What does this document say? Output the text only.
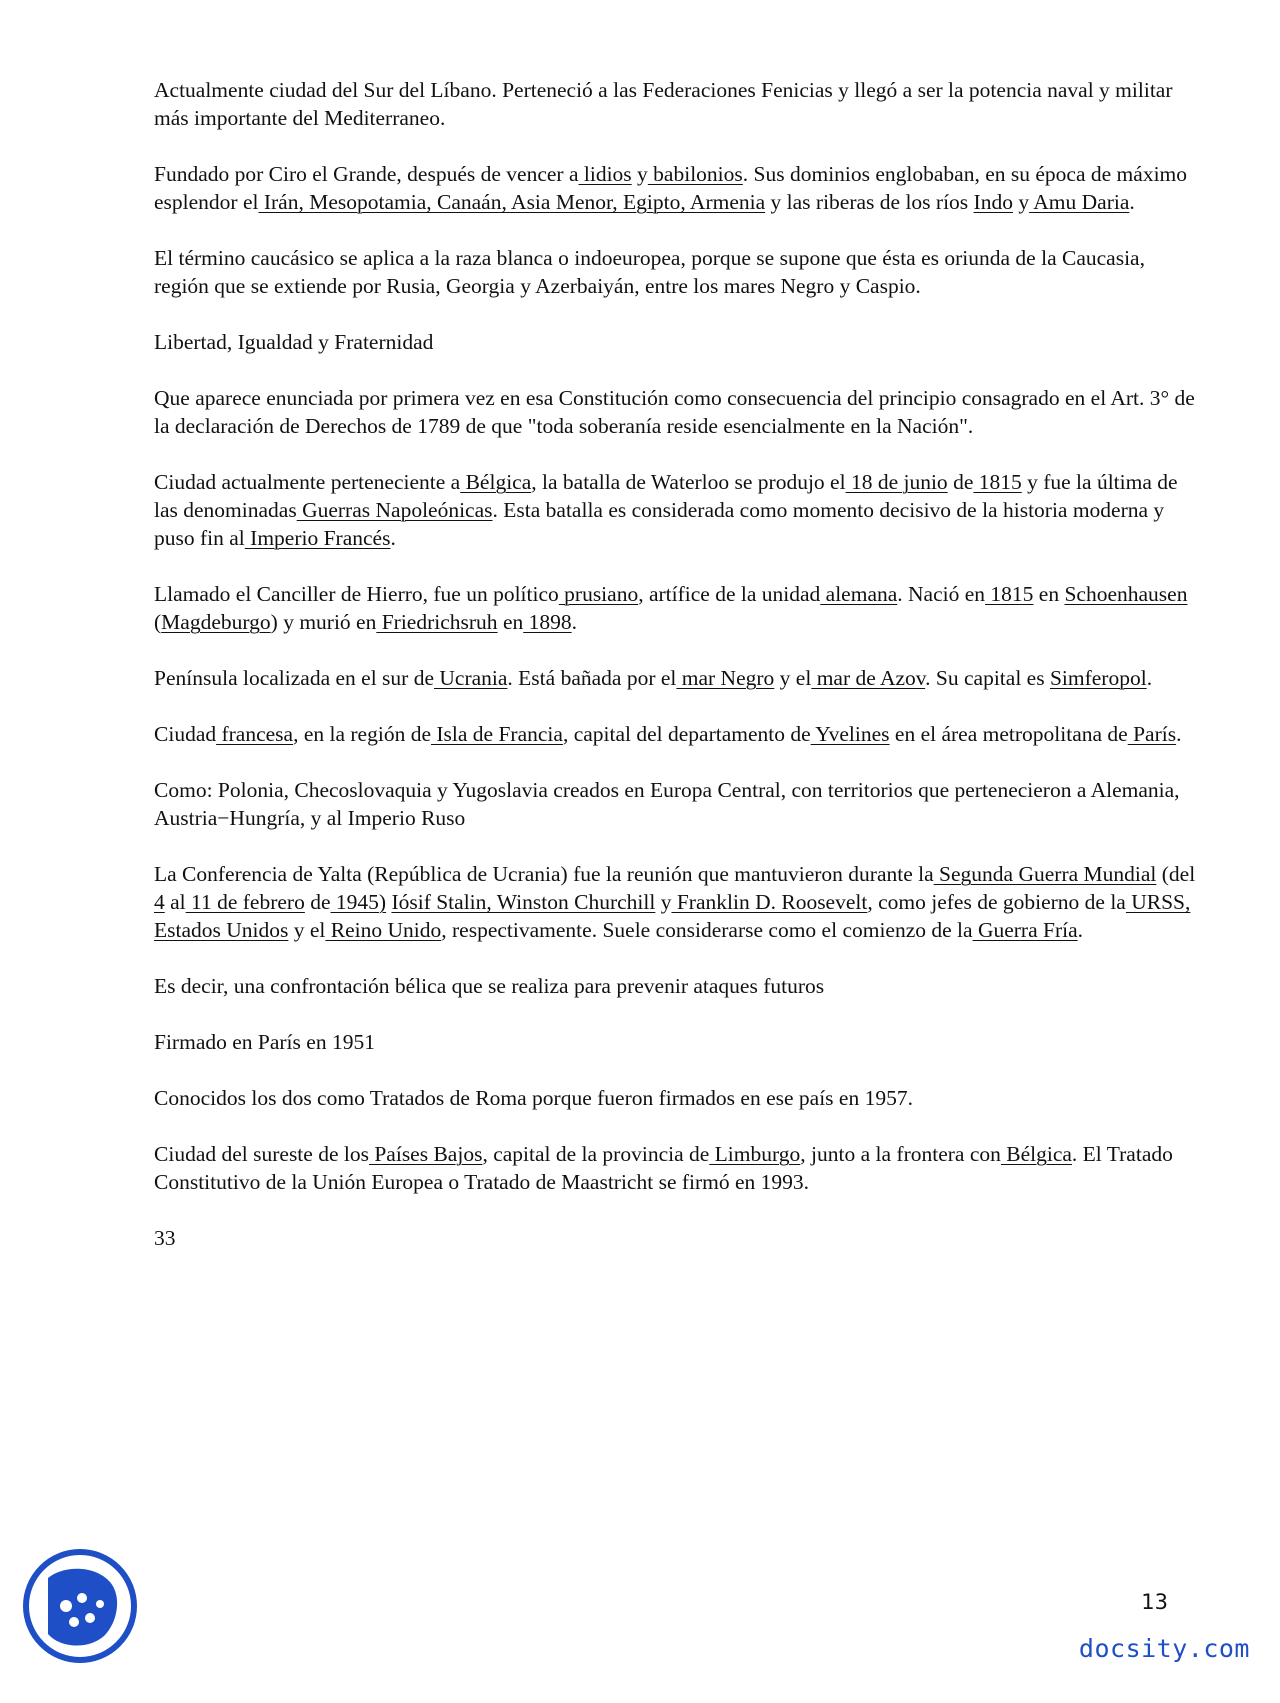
Actualmente ciudad del Sur del Líbano. Perteneció a las Federaciones Fenicias y llegó a ser la potencia naval y militar más importante del Mediterraneo.

Fundado por Ciro el Grande, después de vencer a lidios y babilonios. Sus dominios englobaban, en su época de máximo esplendor el Irán, Mesopotamia, Canaán, Asia Menor, Egipto, Armenia y las riberas de los ríos Indo y Amu Daria.

El término caucásico se aplica a la raza blanca o indoeuropea, porque se supone que ésta es oriunda de la Caucasia, región que se extiende por Rusia, Georgia y Azerbaiyán, entre los mares Negro y Caspio.

Libertad, Igualdad y Fraternidad

Que aparece enunciada por primera vez en esa Constitución como consecuencia del principio consagrado en el Art. 3° de la declaración de Derechos de 1789 de que "toda soberanía reside esencialmente en la Nación".

Ciudad actualmente perteneciente a Bélgica, la batalla de Waterloo se produjo el 18 de junio de 1815 y fue la última de las denominadas Guerras Napoleónicas. Esta batalla es considerada como momento decisivo de la historia moderna y puso fin al Imperio Francés.

Llamado el Canciller de Hierro, fue un político prusiano, artífice de la unidad alemana. Nació en 1815 en Schoenhausen (Magdeburgo) y murió en Friedrichsruh en 1898.

Península localizada en el sur de Ucrania. Está bañada por el mar Negro y el mar de Azov. Su capital es Simferopol.

Ciudad francesa, en la región de Isla de Francia, capital del departamento de Yvelines en el área metropolitana de París.

Como: Polonia, Checoslovaquia y Yugoslavia creados en Europa Central, con territorios que pertenecieron a Alemania, Austria−Hungría, y al Imperio Ruso

La Conferencia de Yalta (República de Ucrania) fue la reunión que mantuvieron durante la Segunda Guerra Mundial (del 4 al 11 de febrero de 1945) Iósif Stalin, Winston Churchill y Franklin D. Roosevelt, como jefes de gobierno de la URSS, Estados Unidos y el Reino Unido, respectivamente. Suele considerarse como el comienzo de la Guerra Fría.

Es decir, una confrontación bélica que se realiza para prevenir ataques futuros

Firmado en París en 1951

Conocidos los dos como Tratados de Roma porque fueron firmados en ese país en 1957.

Ciudad del sureste de los Países Bajos, capital de la provincia de Limburgo, junto a la frontera con Bélgica. El Tratado Constitutivo de la Unión Europea o Tratado de Maastricht se firmó en 1993.

33

13
docsity.com
